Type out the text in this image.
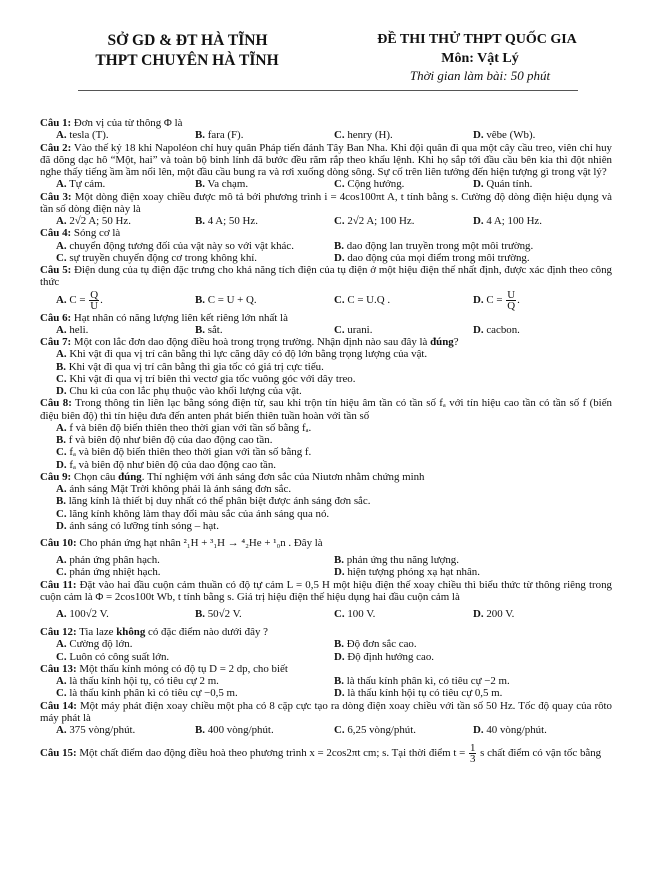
SỞ GD & ĐT HÀ TĨNH
THPT CHUYÊN HÀ TĨNH
ĐỀ THI THỬ THPT QUỐC GIA
Môn: Vật Lý
Thời gian làm bài: 50 phút

Câu 1: Đơn vị của từ thông Φ là

A. tesla (T).	B. fara (F).	C. henry (H).	D. vêbe (Wb).

Câu 2: Vào thế kỷ 18 khi Napoléon chỉ huy quân Pháp tiến đánh Tây Ban Nha. Khi đội quân đi qua một cây cầu treo, viên chỉ huy đã dõng dạc hô “Một, hai” và toàn bộ binh lính đã bước đều răm rắp theo khẩu lệnh. Khi họ sắp tới đầu cầu bên kia thì đột nhiên nghe thấy tiếng ầm ầm nổi lên, một đầu cầu bung ra và rơi xuống dòng sông. Sự cố trên liên tưởng đến hiện tượng gì trong vật lý?

A. Tự cảm.	B. Va chạm.	C. Cộng hưởng.	D. Quán tính.

Câu 3: Một dòng điện xoay chiều được mô tả bởi phương trình i = 4cos100πt A, t tính bằng s. Cường độ dòng điện hiệu dụng và tần số dòng điện này là

A. 2√2 A; 50 Hz.	B. 4 A; 50 Hz.	C. 2√2 A; 100 Hz.	D. 4 A; 100 Hz.

Câu 4: Sóng cơ là

A. chuyển động tương đối của vật này so với vật khác.	B. dao động lan truyền trong một môi trường.
C. sự truyền chuyển động cơ trong không khí.	D. dao động của mọi điểm trong môi trường.

Câu 5: Điện dung của tụ điện đặc trưng cho khả năng tích điện của tụ điện ở một hiệu điện thế nhất định, được xác định theo công thức

A. $C = \frac{Q}{U}$ .	B. C = U + Q.	C. C = U.Q .	D. $C = \frac{U}{Q}$ .

Câu 6: Hạt nhân có năng lượng liên kết riêng lớn nhất là

A. heli.	B. sắt.	C. urani.	D. cacbon.

Câu 7: Một con lắc đơn dao động điều hoà trong trọng trường. Nhận định nào sau đây là đúng?

A. Khi vật đi qua vị trí cân bằng thì lực căng dây có độ lớn bằng trọng lượng của vật.
B. Khi vật đi qua vị trí cân bằng thì gia tốc có giá trị cực tiểu.
C. Khi vật đi qua vị trí biên thì vectơ gia tốc vuông góc với dây treo.
D. Chu kì của con lắc phụ thuộc vào khối lượng của vật.

Câu 8: Trong thông tin liên lạc bằng sóng điện từ, sau khi trộn tín hiệu âm tần có tần số fₐ với tín hiệu cao tần có tần số f (biến điệu biên độ) thì tín hiệu đưa đến anten phát biến thiên tuần hoàn với tần số

A. f và biên độ biến thiên theo thời gian với tần số bằng fₐ.
B. f và biên độ như biên độ của dao động cao tần.
C. fₐ và biên độ biến thiên theo thời gian với tần số bằng f.
D. fₐ và biên độ như biên độ của dao động cao tần.

Câu 9: Chọn câu đúng. Thí nghiệm với ánh sáng đơn sắc của Niutơn nhằm chứng minh

A. ánh sáng Mặt Trời không phải là ánh sáng đơn sắc.
B. lăng kính là thiết bị duy nhất có thể phân biệt được ánh sáng đơn sắc.
C. lăng kính không làm thay đổi màu sắc của ánh sáng qua nó.
D. ánh sáng có lưỡng tính sóng – hạt.

Câu 10: Cho phản ứng hạt nhân ²₁H + ³₁H → ⁴₂He + ¹₀n . Đây là

A. phản ứng phân hạch.	B. phản ứng thu năng lượng.
C. phản ứng nhiệt hạch.	D. hiện tượng phóng xạ hạt nhân.

Câu 11: Đặt vào hai đầu cuộn cảm thuần có độ tự cảm L = 0,5 H một hiệu điện thế xoay chiều thì biểu thức từ thông riêng trong cuộn cảm là Φ = 2cos100t Wb, t tính bằng s. Giá trị hiệu điện thế hiệu dụng hai đầu cuộn cảm là

A. 100√2 V.	B. 50√2 V.	C. 100 V.	D. 200 V.

Câu 12: Tia laze không có đặc điểm nào dưới đây ?

A. Cường độ lớn.	B. Độ đơn sắc cao.
C. Luôn có công suất lớn.	D. Độ định hướng cao.

Câu 13: Một thấu kính mỏng có độ tụ D = 2 dp, cho biết

A. là thấu kính hội tụ, có tiêu cự 2 m.	B. là thấu kính phân kì, có tiêu cự −2 m.
C. là thấu kính phân kì có tiêu cự −0,5 m.	D. là thấu kính hội tụ có tiêu cự 0,5 m.

Câu 14: Một máy phát điện xoay chiều một pha có 8 cặp cực tạo ra dòng điện xoay chiều với tần số 50 Hz. Tốc độ quay của rôto máy phát là

A. 375 vòng/phút.	B. 400 vòng/phút.	C. 6,25 vòng/phút.	D. 40 vòng/phút.

Câu 15: Một chất điểm dao động điều hoà theo phương trình x = 2cos2πt cm; s. Tại thời điểm $t = \frac{1}{3}$ s chất điểm có vận tốc bằng
